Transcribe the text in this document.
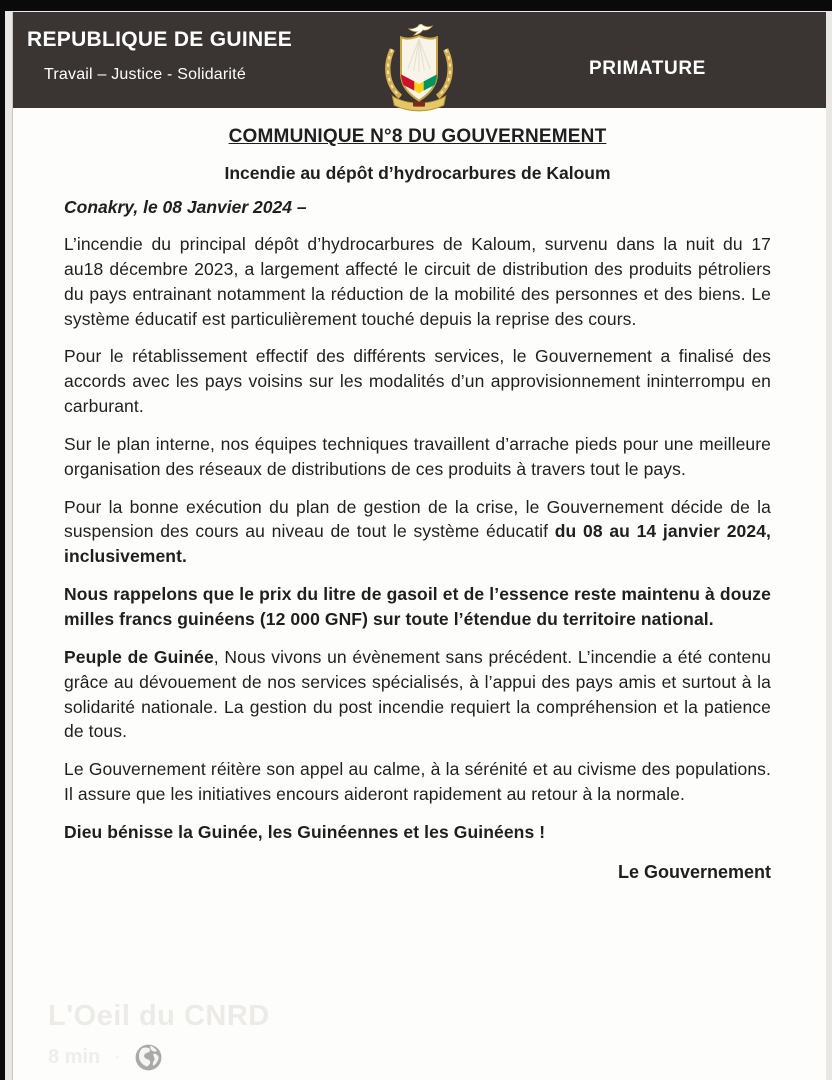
REPUBLIQUE DE GUINEE
Travail – Justice - Solidarité	PRIMATURE
COMMUNIQUE N°8 DU GOUVERNEMENT
Incendie au dépôt d’hydrocarbures de Kaloum

Conakry, le 08 Janvier 2024 –

L’incendie du principal dépôt d’hydrocarbures de Kaloum, survenu dans la nuit du 17 au18 décembre 2023, a largement affecté le circuit de distribution des produits pétroliers du pays entrainant notamment la réduction de la mobilité des personnes et des biens. Le système éducatif est particulièrement touché depuis la reprise des cours.

Pour le rétablissement effectif des différents services, le Gouvernement a finalisé des accords avec les pays voisins sur les modalités d’un approvisionnement ininterrompu en carburant.

Sur le plan interne, nos équipes techniques travaillent d’arrache pieds pour une meilleure organisation des réseaux de distributions de ces produits à travers tout le pays.

Pour la bonne exécution du plan de gestion de la crise, le Gouvernement décide de la suspension des cours au niveau de tout le système éducatif du 08 au 14 janvier 2024, inclusivement.

Nous rappelons que le prix du litre de gasoil et de l’essence reste maintenu à douze milles francs guinéens (12 000 GNF) sur toute l’étendue du territoire national.

Peuple de Guinée, Nous vivons un évènement sans précédent. L’incendie a été contenu grâce au dévouement de nos services spécialisés, à l’appui des pays amis et surtout à la solidarité nationale. La gestion du post incendie requiert la compréhension et la patience de tous.

Le Gouvernement réitère son appel au calme, à la sérénité et au civisme des populations. Il assure que les initiatives encours aideront rapidement au retour à la normale.

Dieu bénisse la Guinée, les Guinéennes et les Guinéens !

Le Gouvernement

L'Oeil du CNRD
8 min ·
